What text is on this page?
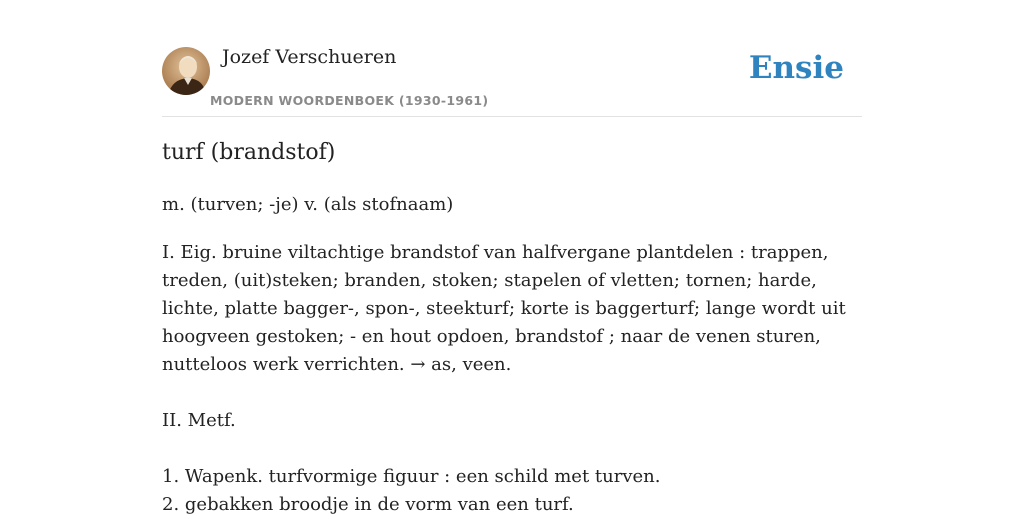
Jozef Verschueren
MODERN WOORDENBOEK (1930-1961)
Ensie
turf (brandstof)
m. (turven; -je) v. (als stofnaam)

I. Eig. bruine viltachtige brandstof van halfvergane plantdelen : trappen, treden, (uit)steken; branden, stoken; stapelen of vletten; tornen; harde, lichte, platte bagger-, spon-, steekturf; korte is baggerturf; lange wordt uit hoogveen gestoken; - en hout opdoen, brandstof ; naar de venen sturen, nutteloos werk verrichten. → as, veen.

II. Metf.

1. Wapenk. turfvormige figuur : een schild met turven.

2. gebakken broodje in de vorm van een turf.
